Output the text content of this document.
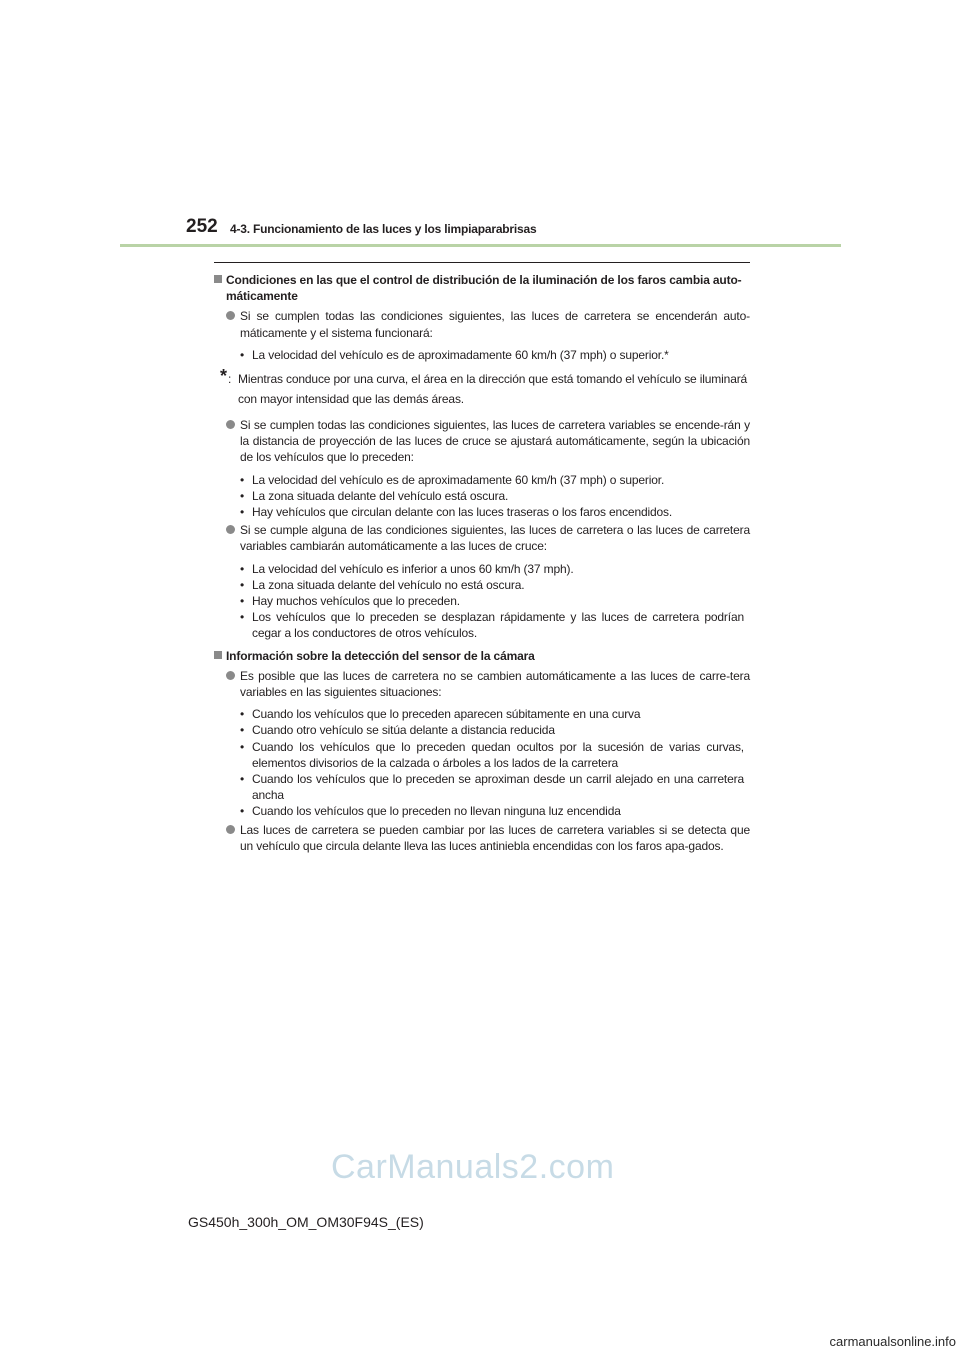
252 4-3. Funcionamiento de las luces y los limpiaparabrisas
Condiciones en las que el control de distribución de la iluminación de los faros cambia auto-máticamente
Si se cumplen todas las condiciones siguientes, las luces de carretera se encenderán auto-máticamente y el sistema funcionará:
• La velocidad del vehículo es de aproximadamente 60 km/h (37 mph) o superior.*
* : Mientras conduce por una curva, el área en la dirección que está tomando el vehículo se iluminará con mayor intensidad que las demás áreas.
Si se cumplen todas las condiciones siguientes, las luces de carretera variables se encende-rán y la distancia de proyección de las luces de cruce se ajustará automáticamente, según la ubicación de los vehículos que lo preceden:
• La velocidad del vehículo es de aproximadamente 60 km/h (37 mph) o superior.
• La zona situada delante del vehículo está oscura.
• Hay vehículos que circulan delante con las luces traseras o los faros encendidos.
Si se cumple alguna de las condiciones siguientes, las luces de carretera o las luces de carretera variables cambiarán automáticamente a las luces de cruce:
• La velocidad del vehículo es inferior a unos 60 km/h (37 mph).
• La zona situada delante del vehículo no está oscura.
• Hay muchos vehículos que lo preceden.
• Los vehículos que lo preceden se desplazan rápidamente y las luces de carretera podrían cegar a los conductores de otros vehículos.
Información sobre la detección del sensor de la cámara
Es posible que las luces de carretera no se cambien automáticamente a las luces de carre-tera variables en las siguientes situaciones:
• Cuando los vehículos que lo preceden aparecen súbitamente en una curva
• Cuando otro vehículo se sitúa delante a distancia reducida
• Cuando los vehículos que lo preceden quedan ocultos por la sucesión de varias curvas, elementos divisorios de la calzada o árboles a los lados de la carretera
• Cuando los vehículos que lo preceden se aproximan desde un carril alejado en una carretera ancha
• Cuando los vehículos que lo preceden no llevan ninguna luz encendida
Las luces de carretera se pueden cambiar por las luces de carretera variables si se detecta que un vehículo que circula delante lleva las luces antiniebla encendidas con los faros apa-gados.
CarManuals2.com
GS450h_300h_OM_OM30F94S_(ES)
carmanualsonline.info
